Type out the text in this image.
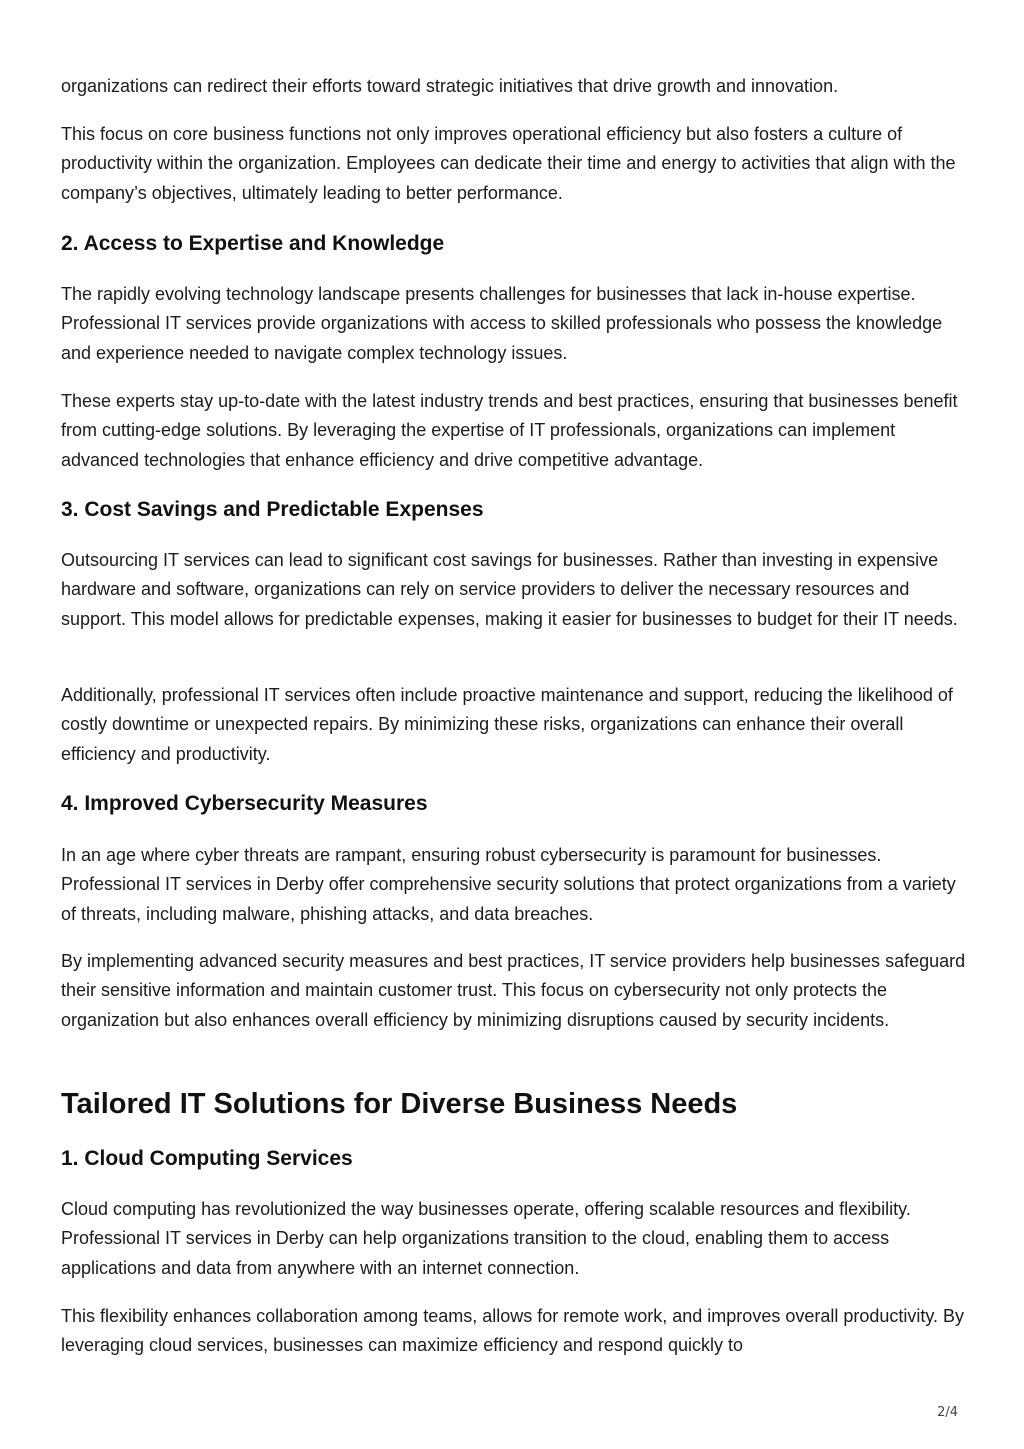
organizations can redirect their efforts toward strategic initiatives that drive growth and innovation.

This focus on core business functions not only improves operational efficiency but also fosters a culture of productivity within the organization. Employees can dedicate their time and energy to activities that align with the company’s objectives, ultimately leading to better performance.

2. Access to Expertise and Knowledge

The rapidly evolving technology landscape presents challenges for businesses that lack in-house expertise. Professional IT services provide organizations with access to skilled professionals who possess the knowledge and experience needed to navigate complex technology issues.

These experts stay up-to-date with the latest industry trends and best practices, ensuring that businesses benefit from cutting-edge solutions. By leveraging the expertise of IT professionals, organizations can implement advanced technologies that enhance efficiency and drive competitive advantage.

3. Cost Savings and Predictable Expenses

Outsourcing IT services can lead to significant cost savings for businesses. Rather than investing in expensive hardware and software, organizations can rely on service providers to deliver the necessary resources and support. This model allows for predictable expenses, making it easier for businesses to budget for their IT needs.

Additionally, professional IT services often include proactive maintenance and support, reducing the likelihood of costly downtime or unexpected repairs. By minimizing these risks, organizations can enhance their overall efficiency and productivity.

4. Improved Cybersecurity Measures

In an age where cyber threats are rampant, ensuring robust cybersecurity is paramount for businesses. Professional IT services in Derby offer comprehensive security solutions that protect organizations from a variety of threats, including malware, phishing attacks, and data breaches.

By implementing advanced security measures and best practices, IT service providers help businesses safeguard their sensitive information and maintain customer trust. This focus on cybersecurity not only protects the organization but also enhances overall efficiency by minimizing disruptions caused by security incidents.

Tailored IT Solutions for Diverse Business Needs
1. Cloud Computing Services

Cloud computing has revolutionized the way businesses operate, offering scalable resources and flexibility. Professional IT services in Derby can help organizations transition to the cloud, enabling them to access applications and data from anywhere with an internet connection.

This flexibility enhances collaboration among teams, allows for remote work, and improves overall productivity. By leveraging cloud services, businesses can maximize efficiency and respond quickly to

2/4
